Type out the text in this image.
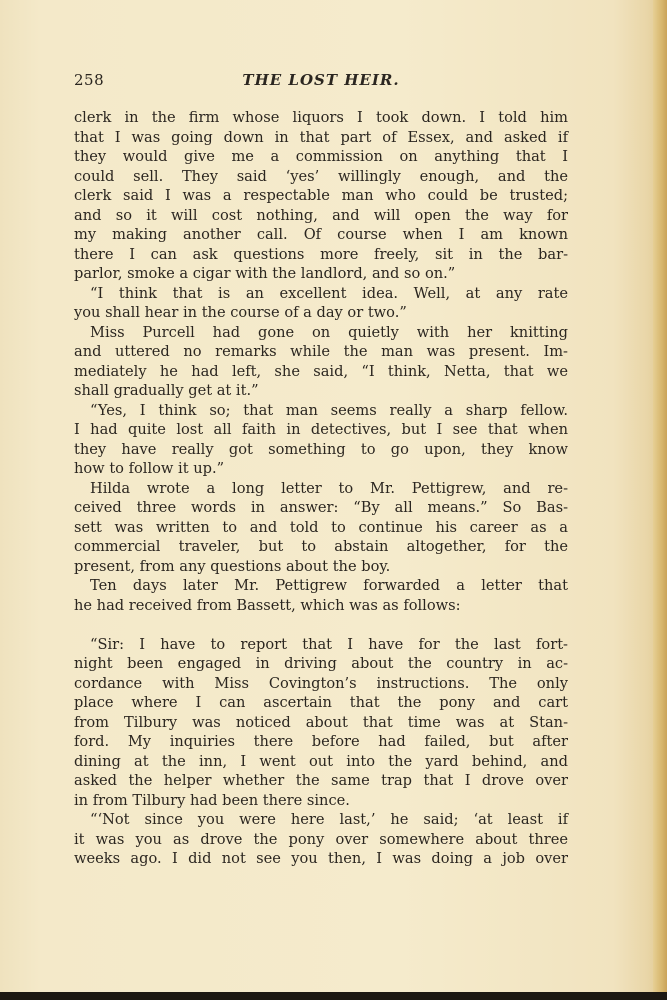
258	THE LOST HEIR.
clerk in the firm whose liquors I took down. I told him
that I was going down in that part of Essex, and asked if
they would give me a commission on anything that I
could sell. They said ‘yes’ willingly enough, and the
clerk said I was a respectable man who could be trusted;
and so it will cost nothing, and will open the way for
my making another call. Of course when I am known
there I can ask questions more freely, sit in the bar-
parlor, smoke a cigar with the landlord, and so on.”
“I think that is an excellent idea. Well, at any rate
you shall hear in the course of a day or two.”
Miss Purcell had gone on quietly with her knitting
and uttered no remarks while the man was present. Im-
mediately he had left, she said, “I think, Netta, that we
shall gradually get at it.”
“Yes, I think so; that man seems really a sharp fellow.
I had quite lost all faith in detectives, but I see that when
they have really got something to go upon, they know
how to follow it up.”
Hilda wrote a long letter to Mr. Pettigrew, and re-
ceived three words in answer: “By all means.” So Bas-
sett was written to and told to continue his career as a
commercial traveler, but to abstain altogether, for the
present, from any questions about the boy.
Ten days later Mr. Pettigrew forwarded a letter that
he had received from Bassett, which was as follows:
“Sir: I have to report that I have for the last fort-
night been engaged in driving about the country in ac-
cordance with Miss Covington’s instructions. The only
place where I can ascertain that the pony and cart
from Tilbury was noticed about that time was at Stan-
ford. My inquiries there before had failed, but after
dining at the inn, I went out into the yard behind, and
asked the helper whether the same trap that I drove over
in from Tilbury had been there since.
“‘Not since you were here last,’ he said; ‘at least if
it was you as drove the pony over somewhere about three
weeks ago. I did not see you then, I was doing a job over
